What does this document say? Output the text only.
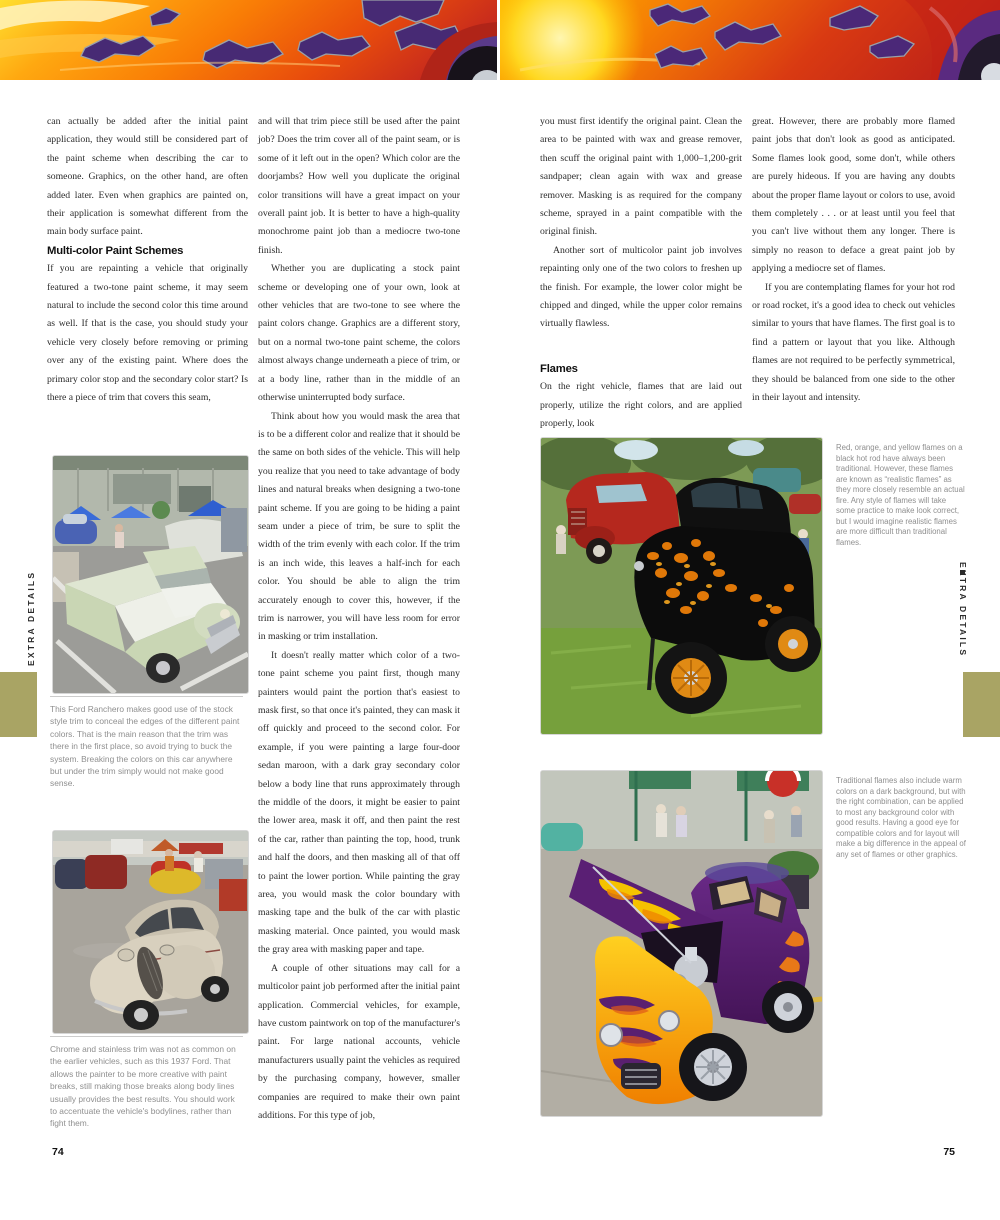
can actually be added after the initial paint application, they would still be considered part of the paint scheme when describing the car to someone. Graphics, on the other hand, are often added later. Even when graphics are painted on, their application is somewhat different from the main body surface paint.

Multi-color Paint Schemes

If you are repainting a vehicle that originally featured a two-tone paint scheme, it may seem natural to include the second color this time around as well. If that is the case, you should study your vehicle very closely before removing or priming over any of the existing paint. Where does the primary color stop and the secondary color start? Is there a piece of trim that covers this seam,

and will that trim piece still be used after the paint job? Does the trim cover all of the paint seam, or is some of it left out in the open? Which color are the doorjambs? How well you duplicate the original color transitions will have a great impact on your overall paint job. It is better to have a high-quality monochrome paint job than a mediocre two-tone finish.

Whether you are duplicating a stock paint scheme or developing one of your own, look at other vehicles that are two-tone to see where the paint colors change. Graphics are a different story, but on a normal two-tone paint scheme, the colors almost always change underneath a piece of trim, or at a body line, rather than in the middle of an otherwise uninterrupted body surface.

Think about how you would mask the area that is to be a different color and realize that it should be the same on both sides of the vehicle. This will help you realize that you need to take advantage of body lines and natural breaks when designing a two-tone paint scheme. If you are going to be hiding a paint seam under a piece of trim, be sure to split the width of the trim evenly with each color. If the trim is an inch wide, this leaves a half-inch for each color. You should be able to align the trim accurately enough to cover this, however, if the trim is narrower, you will have less room for error in masking or trim installation.

It doesn't really matter which color of a two-tone paint scheme you paint first, though many painters would paint the portion that's easiest to mask first, so that once it's painted, they can mask it off quickly and proceed to the second color. For example, if you were painting a large four-door sedan maroon, with a dark gray secondary color below a body line that runs approximately through the middle of the doors, it might be easier to paint the lower area, mask it off, and then paint the rest of the car, rather than painting the top, hood, trunk and half the doors, and then masking all of that off to paint the lower portion. While painting the gray area, you would mask the color boundary with masking tape and the bulk of the car with plastic masking material. Once painted, you would mask the gray area with masking paper and tape.

A couple of other situations may call for a multicolor paint job performed after the initial paint application. Commercial vehicles, for example, have custom paintwork on top of the manufacturer's paint. For large national accounts, vehicle manufacturers usually paint the vehicles as required by the purchasing company, however, smaller companies are required to make their own paint additions. For this type of job,

This Ford Ranchero makes good use of the stock style trim to conceal the edges of the different paint colors. That is the main reason that the trim was there in the first place, so avoid trying to buck the system. Breaking the colors on this car anywhere but under the trim simply would not make good sense.
Chrome and stainless trim was not as common on the earlier vehicles, such as this 1937 Ford. That allows the painter to be more creative with paint breaks, still making those breaks along body lines usually provides the best results. You should work to accentuate the vehicle's bodylines, rather than fight them.

you must first identify the original paint. Clean the area to be painted with wax and grease remover, then scuff the original paint with 1,000–1,200-grit sandpaper; clean again with wax and grease remover. Masking is as required for the company scheme, sprayed in a paint compatible with the original finish.

Another sort of multicolor paint job involves repainting only one of the two colors to freshen up the finish. For example, the lower color might be chipped and dinged, while the upper color remains virtually flawless.

Flames

On the right vehicle, flames that are laid out properly, utilize the right colors, and are applied properly, look

great. However, there are probably more flamed paint jobs that don't look as good as anticipated. Some flames look good, some don't, while others are purely hideous. If you are having any doubts about the proper flame layout or colors to use, avoid them completely . . . or at least until you feel that you can't live without them any longer. There is simply no reason to deface a great paint job by applying a mediocre set of flames.

If you are contemplating flames for your hot rod or road rocket, it's a good idea to check out vehicles similar to yours that have flames. The first goal is to find a pattern or layout that you like. Although flames are not required to be perfectly symmetrical, they should be balanced from one side to the other in their layout and intensity.

Red, orange, and yellow flames on a black hot rod have always been traditional. However, these flames are known as “realistic flames” as they more closely resemble an actual fire. Any style of flames will take some practice to make look correct, but I would imagine realistic flames are more difficult than traditional flames.
Traditional flames also include warm colors on a dark background, but with the right combination, can be applied to most any background color with good results. Having a good eye for compatible colors and for layout will make a big difference in the appeal of any set of flames or other graphics.
EXTRA DETAILS	EXTRA DETAILS
74	75
